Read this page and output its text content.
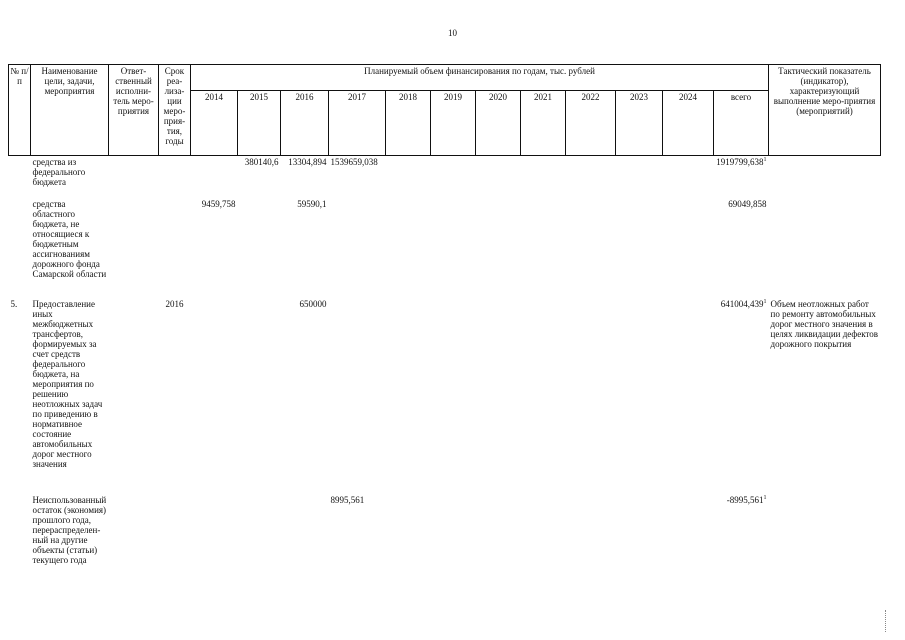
10
№ п/п	Наименование цели, задачи, мероприятия	Ответ-ственный исполни-тель меро-приятия	Срок реа-лиза-ции меро-прия-тия, годы	Планируемый объем финансирования по годам, тыс. рублей												Тактический показатель (индикатор), характеризующий выполнение меро-приятия (мероприятий)
				2014	2015	2016	2017	2018	2019	2020	2021	2022	2023	2024	всего	
	средства из федерального бюджета				380140,6	13304,894	1539659,038								1919799,638$^1$	
	средства областного бюджета, не относящиеся к бюджетным ассигнованиям дорожного фонда Самарской области			9459,758		59590,1									69049,858	
5.	Предоставление иных межбюджетных трансфертов, формируемых за счет средств федерального бюджета, на мероприятия по решению неотложных задач по приведению в нормативное состояние автомобильных дорог местного значения		2016			650000									641004,439$^1$	Объем неотложных работ по ремонту автомобильных дорог местного значения в целях ликвидации дефектов дорожного покрытия
	Неиспользованный остаток (экономия) прошлого года, перераспределен-ный на другие объекты (статьи) текущего года						8995,561								-8995,561$^1$	
